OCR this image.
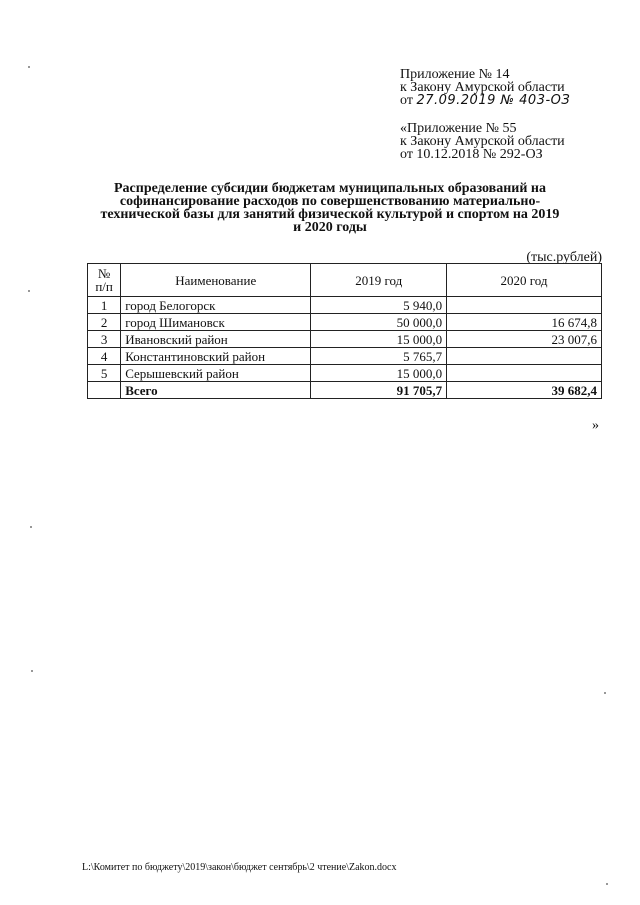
Приложение № 14
к Закону Амурской области
от 27.09.2019 № 403-ОЗ
«Приложение № 55
к Закону Амурской области
от 10.12.2018 № 292-ОЗ
Распределение субсидии бюджетам муниципальных образований на
софинансирование расходов по совершенствованию материально-
технической базы для занятий физической культурой и спортом на 2019
и 2020 годы
(тыс.рублей)
№
п/п	Наименование	2019 год	2020 год
1	город Белогорск	5 940,0	
2	город Шимановск	50 000,0	16 674,8
3	Ивановский район	15 000,0	23 007,6
4	Константиновский район	5 765,7	
5	Серышевский район	15 000,0	
	Всего	91 705,7	39 682,4
»
L:\Комитет по бюджету\2019\закон\бюджет сентябрь\2 чтение\Zakon.docx
